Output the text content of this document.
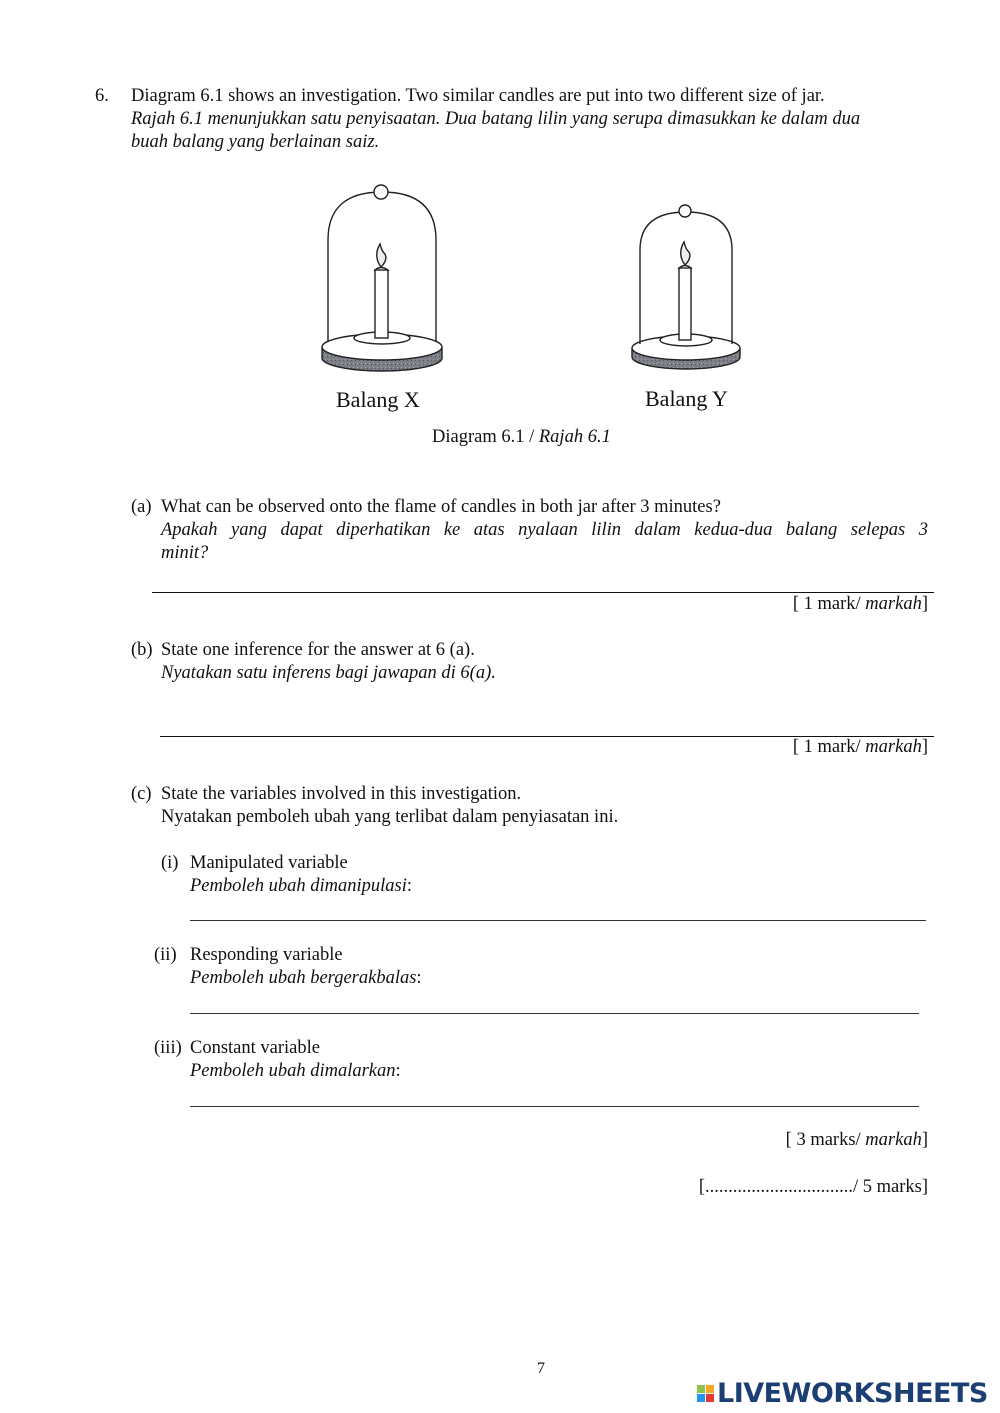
6. Diagram 6.1 shows an investigation. Two similar candles are put into two different size of jar.
Rajah 6.1 menunjukkan satu penyisaatan. Dua batang lilin yang serupa dimasukkan ke dalam dua
buah balang yang berlainan saiz.
Balang X	Balang Y
Diagram 6.1 / Rajah 6.1
(a) What can be observed onto the flame of candles in both jar after 3 minutes?
Apakah yang dapat diperhatikan ke atas nyalaan lilin dalam kedua-dua balang selepas 3
minit?
[ 1 mark/ markah]
(b) State one inference for the answer at 6 (a).
Nyatakan satu inferens bagi jawapan di 6(a).
[ 1 mark/ markah]
(c) State the variables involved in this investigation.
Nyatakan pemboleh ubah yang terlibat dalam penyiasatan ini.
(i) Manipulated variable
Pemboleh ubah dimanipulasi:
(ii) Responding variable
Pemboleh ubah bergerakbalas:
(iii) Constant variable
Pemboleh ubah dimalarkan:
[ 3 marks/ markah]
[................................/ 5 marks]
7
LIVEWORKSHEETS
